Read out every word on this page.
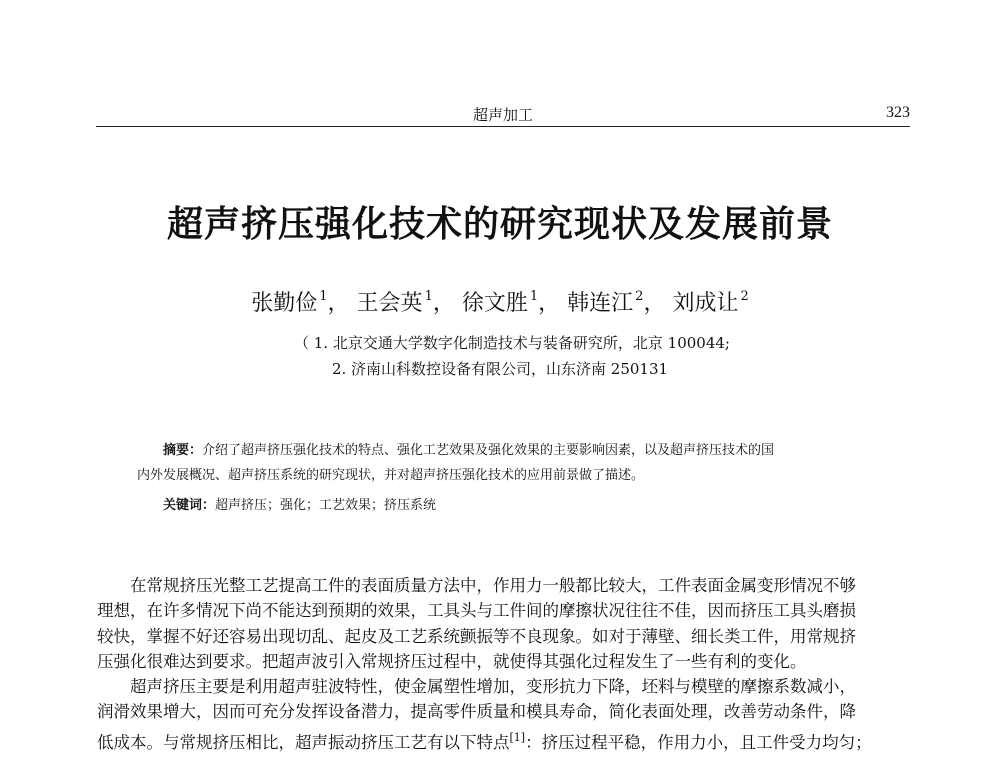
超声加工	323
超声挤压强化技术的研究现状及发展前景
张勤俭 $^1$， 王会英 $^1$， 徐文胜 $^1$， 韩连江 $^2$， 刘成让 $^2$
（ 1. 北京交通大学数字化制造技术与装备研究所，北京 100044;
2. 济南山科数控设备有限公司，山东济南 250131
摘要：介绍了超声挤压强化技术的特点、强化工艺效果及强化效果的主要影响因素，以及超声挤压技术的国
内外发展概况、超声挤压系统的研究现状，并对超声挤压强化技术的应用前景做了描述。
关键词：超声挤压；强化；工艺效果；挤压系统
在常规挤压光整工艺提高工件的表面质量方法中，作用力一般都比较大，工件表面金属变形情况不够
理想，在许多情况下尚不能达到预期的效果，工具头与工件间的摩擦状况往往不佳，因而挤压工具头磨损
较快，掌握不好还容易出现切乱、起皮及工艺系统颤振等不良现象。如对于薄壁、细长类工件，用常规挤
压强化很难达到要求。把超声波引入常规挤压过程中，就使得其强化过程发生了一些有利的变化。
超声挤压主要是利用超声驻波特性，使金属塑性增加，变形抗力下降，坯料与模壁的摩擦系数减小，
润滑效果增大，因而可充分发挥设备潜力，提高零件质量和模具寿命，简化表面处理，改善劳动条件，降
低成本。与常规挤压相比，超声振动挤压工艺有以下特点[1]：挤压过程平稳，作用力小，且工件受力均匀；
